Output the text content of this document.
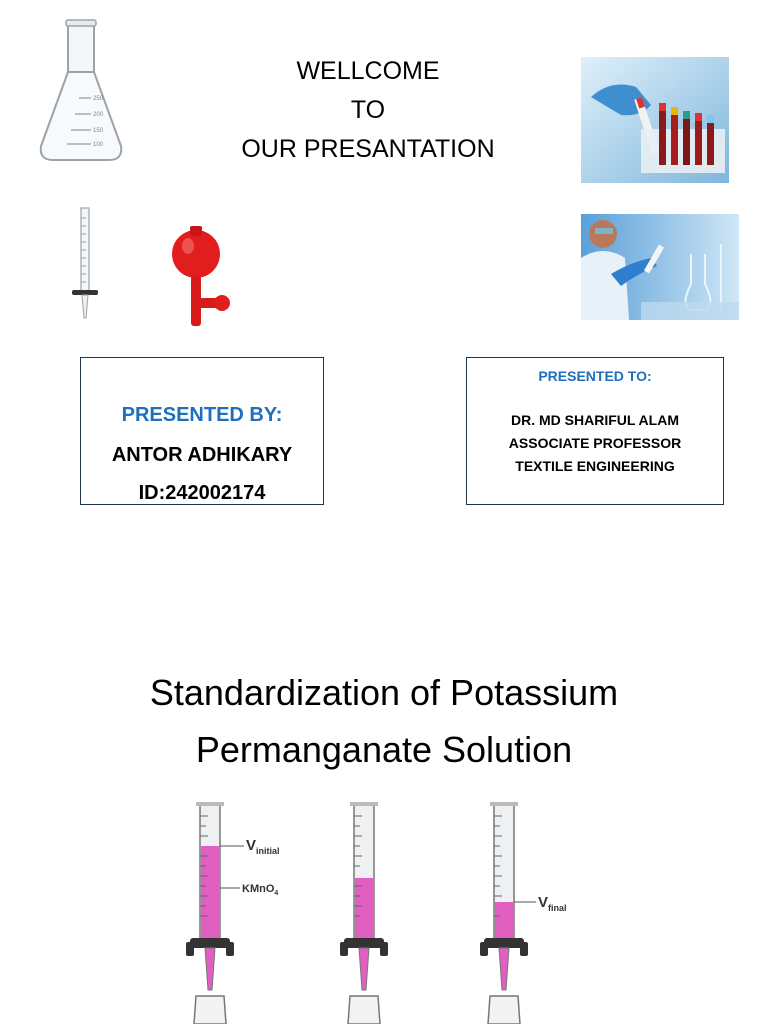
250
200
150
100
WELLCOME
TO
OUR PRESANTATION
PRESENTED BY:
ANTOR ADHIKARY
ID:242002174
PRESENTED TO:
DR. MD SHARIFUL ALAM
ASSOCIATE PROFESSOR
TEXTILE ENGINEERING
Standardization of Potassium
Permanganate Solution
$V_{initial}$
KMnO$_4$
$V_{final}$
